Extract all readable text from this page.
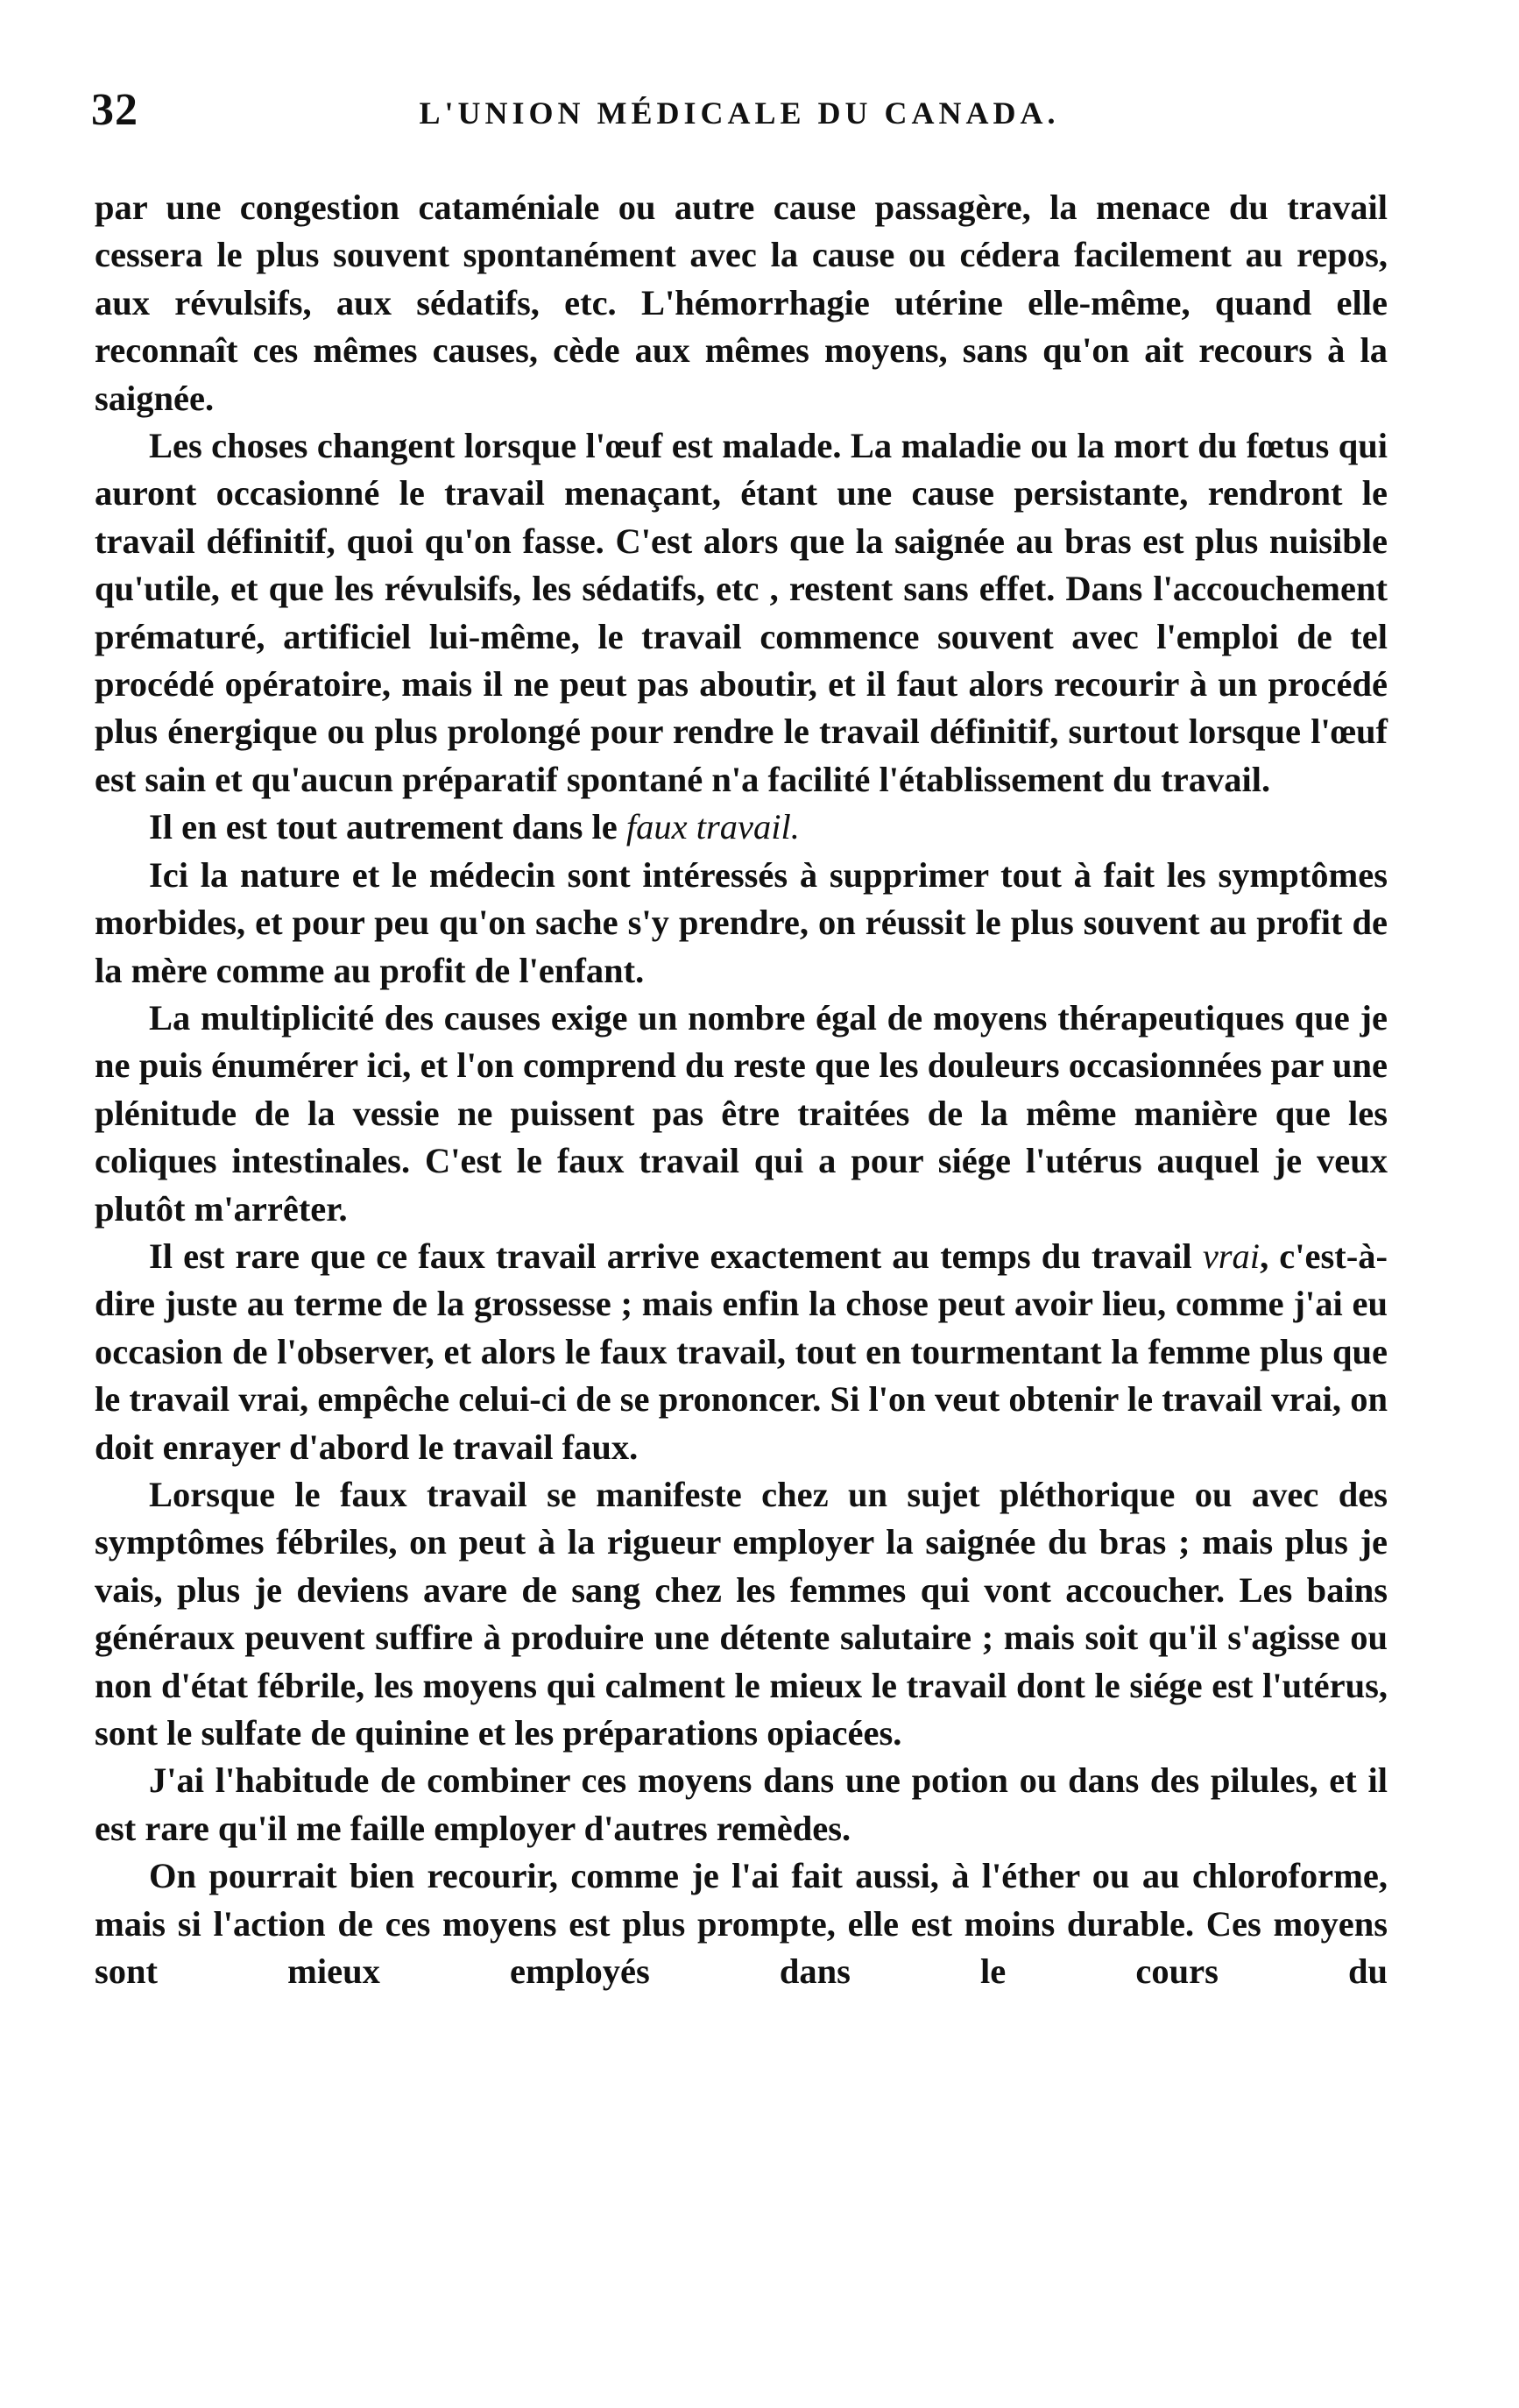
32	L'UNION MÉDICALE DU CANADA.

par une congestion cataméniale ou autre cause passagère, la menace du travail cessera le plus souvent spontanément avec la cause ou cédera facilement au repos, aux révulsifs, aux sédatifs, etc. L'hémorrhagie utérine elle-même, quand elle reconnaît ces mêmes causes, cède aux mêmes moyens, sans qu'on ait recours à la saignée.

Les choses changent lorsque l'œuf est malade. La maladie ou la mort du fœtus qui auront occasionné le travail menaçant, étant une cause persistante, rendront le travail définitif, quoi qu'on fasse. C'est alors que la saignée au bras est plus nuisible qu'utile, et que les révulsifs, les sédatifs, etc , restent sans effet. Dans l'accouchement prématuré, artificiel lui-même, le travail commence souvent avec l'emploi de tel procédé opératoire, mais il ne peut pas aboutir, et il faut alors recourir à un procédé plus énergique ou plus prolongé pour rendre le travail définitif, surtout lorsque l'œuf est sain et qu'aucun préparatif spontané n'a facilité l'établissement du travail.

Il en est tout autrement dans le faux travail.

Ici la nature et le médecin sont intéressés à supprimer tout à fait les symptômes morbides, et pour peu qu'on sache s'y prendre, on réussit le plus souvent au profit de la mère comme au profit de l'enfant.

La multiplicité des causes exige un nombre égal de moyens thérapeutiques que je ne puis énumérer ici, et l'on comprend du reste que les douleurs occasionnées par une plénitude de la vessie ne puissent pas être traitées de la même manière que les coliques intestinales. C'est le faux travail qui a pour siége l'utérus auquel je veux plutôt m'arrêter.

Il est rare que ce faux travail arrive exactement au temps du travail vrai, c'est-à-dire juste au terme de la grossesse ; mais enfin la chose peut avoir lieu, comme j'ai eu occasion de l'observer, et alors le faux travail, tout en tourmentant la femme plus que le travail vrai, empêche celui-ci de se prononcer. Si l'on veut obtenir le travail vrai, on doit enrayer d'abord le travail faux.

Lorsque le faux travail se manifeste chez un sujet pléthorique ou avec des symptômes fébriles, on peut à la rigueur employer la saignée du bras ; mais plus je vais, plus je deviens avare de sang chez les femmes qui vont accoucher. Les bains généraux peuvent suffire à produire une détente salutaire ; mais soit qu'il s'agisse ou non d'état fébrile, les moyens qui calment le mieux le travail dont le siége est l'utérus, sont le sulfate de quinine et les préparations opiacées.

J'ai l'habitude de combiner ces moyens dans une potion ou dans des pilules, et il est rare qu'il me faille employer d'autres remèdes.

On pourrait bien recourir, comme je l'ai fait aussi, à l'éther ou au chloroforme, mais si l'action de ces moyens est plus prompte, elle est moins durable. Ces moyens sont mieux employés dans le cours du
